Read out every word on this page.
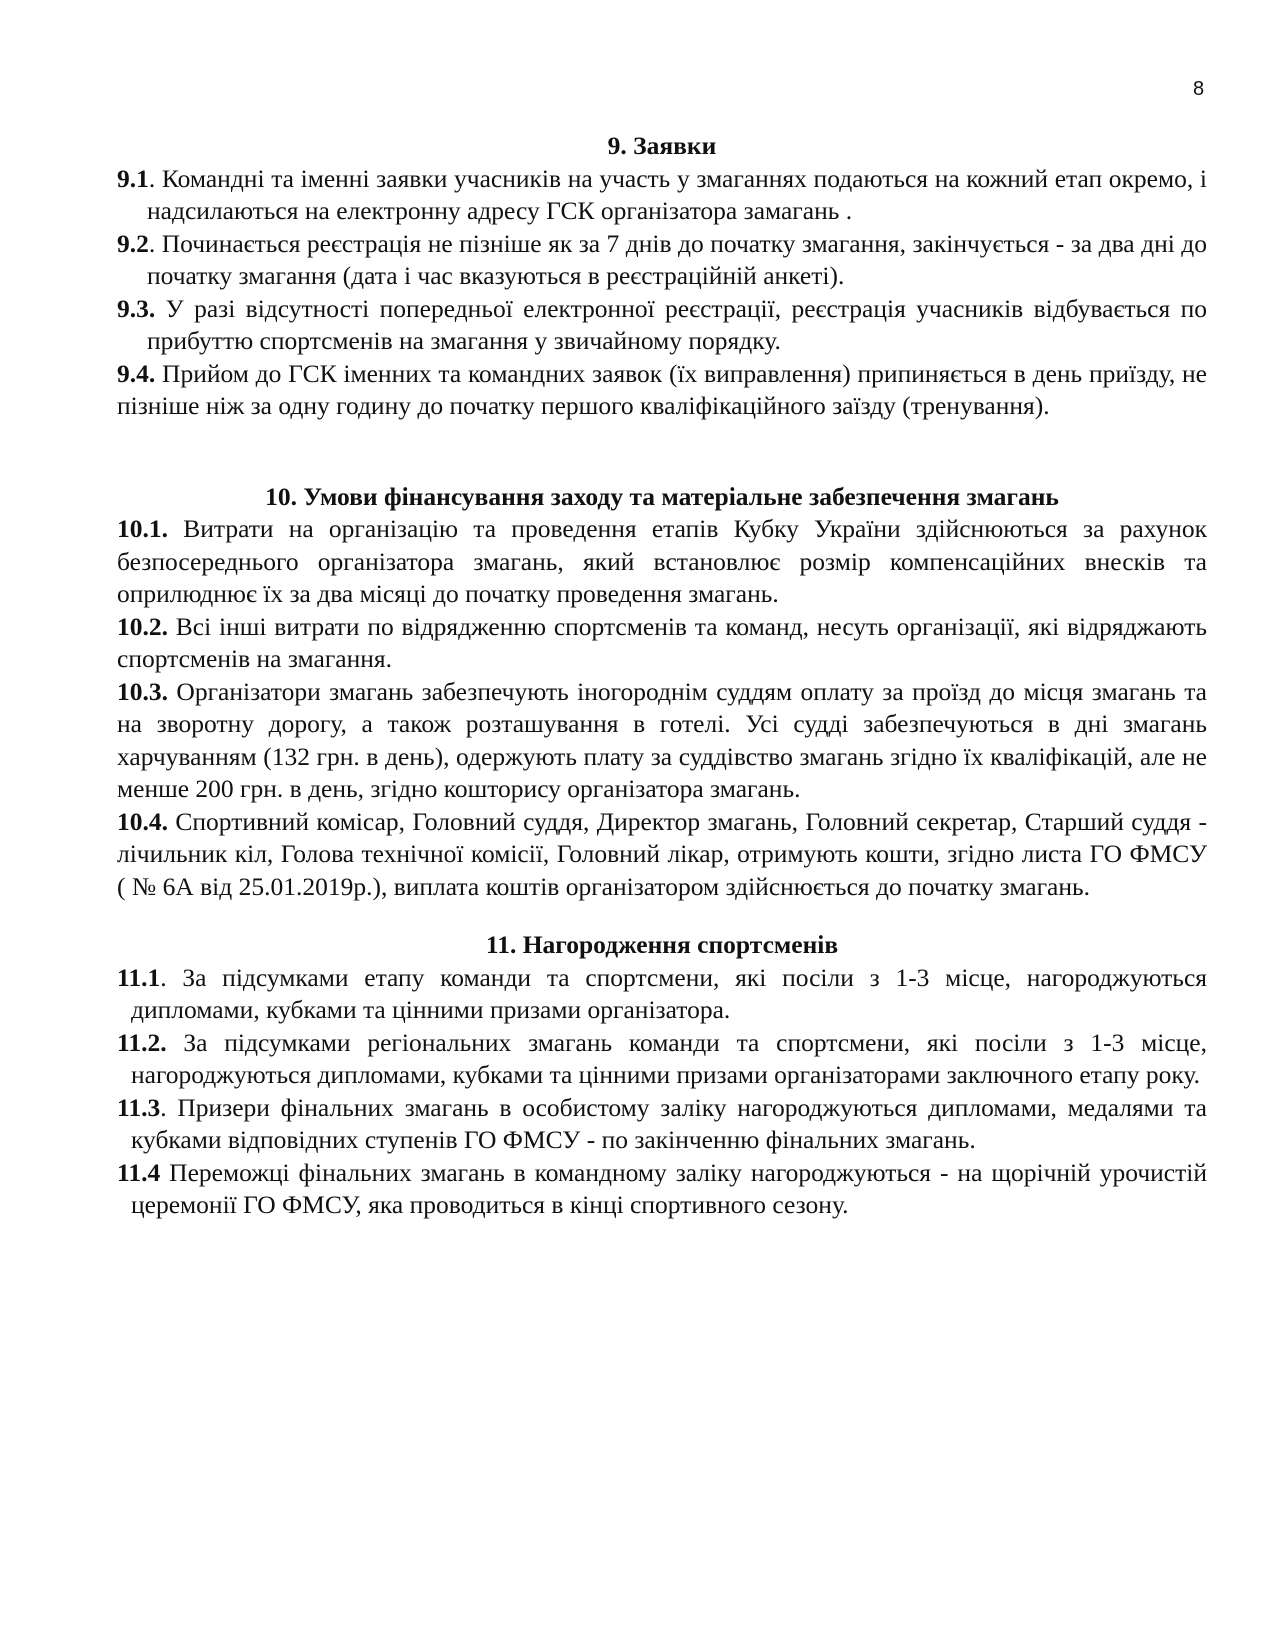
8

9. Заявки

9.1. Командні та іменні заявки учасників на участь у змаганнях подаються на кожний етап окремо, і надсилаються на електронну адресу ГСК організатора замагань .

9.2. Починається реєстрація не пізніше як за 7 днів до початку змагання, закінчується - за два дні до початку змагання (дата і час вказуються в реєстраційній анкеті).

9.3. У разі відсутності попередньої електронної реєстрації, реєстрація учасників відбувається по прибуттю спортсменів на змагання у звичайному порядку.

9.4. Прийом до ГСК іменних та командних заявок (їх виправлення) припиняється в день приїзду, не пізніше ніж за одну годину до початку першого кваліфікаційного заїзду (тренування).

10. Умови фінансування заходу та матеріальне забезпечення змагань

10.1. Витрати на організацію та проведення етапів Кубку України здійснюються за рахунок безпосереднього організатора змагань, який встановлює розмір компенсаційних внесків та оприлюднює їх за два місяці до початку проведення змагань.

10.2. Всі інші витрати по відрядженню спортсменів та команд, несуть організації, які відряджають спортсменів на змагання.

10.3. Організатори змагань забезпечують іногороднім суддям оплату за проїзд до місця змагань та на зворотну дорогу, а також розташування в готелі. Усі судді забезпечуються в дні змагань харчуванням (132 грн. в день), одержують плату за суддівство змагань згідно їх кваліфікацій, але не менше 200 грн. в день, згідно кошторису організатора змагань.

10.4. Спортивний комісар, Головний суддя, Директор змагань, Головний секретар, Старший суддя - лічильник кіл, Голова технічної комісії, Головний лікар, отримують кошти, згідно листа ГО ФМСУ ( № 6А від 25.01.2019р.), виплата коштів організатором здійснюється до початку змагань.

11. Нагородження спортсменів

11.1. За підсумками етапу команди та спортсмени, які посіли з 1-3 місце, нагороджуються дипломами, кубками та цінними призами організатора.

11.2. За підсумками регіональних змагань команди та спортсмени, які посіли з 1-3 місце, нагороджуються дипломами, кубками та цінними призами організаторами заключного етапу року.

11.3. Призери фінальних змагань в особистому заліку нагороджуються дипломами, медалями та кубками відповідних ступенів ГО ФМСУ - по закінченню фінальних змагань.

11.4 Переможці фінальних змагань в командному заліку нагороджуються - на щорічній урочистій церемонії ГО ФМСУ, яка проводиться в кінці спортивного сезону.
